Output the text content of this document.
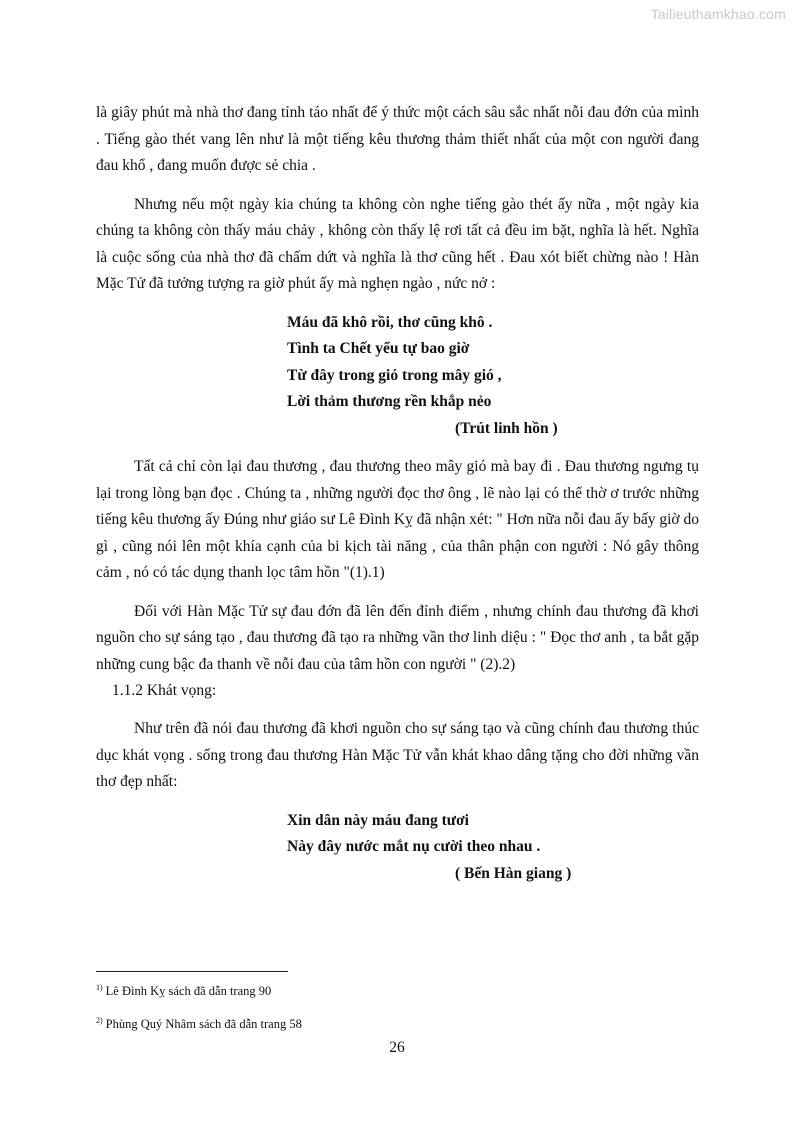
Tailieuthamkhao.com

là giây phút mà nhà thơ đang tỉnh táo nhất để ý thức một cách sâu sắc nhất nỗi đau đớn của mình . Tiếng gào thét vang lên như là một tiếng kêu thương thảm thiết nhất của một con người đang đau khổ , đang muốn được sẻ chia .

Nhưng nếu một ngày kia chúng ta không còn nghe tiếng gào thét ấy nữa , một ngày kia chúng ta không còn thấy máu chảy , không còn thấy lệ rơi tất cả đều im bặt, nghĩa là hết. Nghĩa là cuộc sống của nhà thơ đã chấm dứt và nghĩa là thơ cũng hết . Đau xót biết chừng nào ! Hàn Mặc Tử đã tưởng tượng ra giờ phút ấy mà nghẹn ngào , nức nở :

Máu đã khô rồi, thơ cũng khô .
Tình ta Chết yểu tự bao giờ
Từ đây trong gió trong mây gió ,
Lời thảm thương rền khắp nẻo
(Trút linh hồn )

Tất cả chỉ còn lại đau thương , đau thương theo mây gió mà bay đi . Đau thương ngưng tụ lại trong lòng bạn đọc . Chúng ta , những người đọc thơ ông , lẽ nào lại có thể thờ ơ trước những tiếng kêu thương ấy Đúng như giáo sư Lê Đình Kỵ đã nhận xét: " Hơn nữa nỗi đau ấy bấy giờ do gì , cũng nói lên một khía cạnh của bi kịch tài năng , của thân phận con người : Nó gây thông cảm , nó có tác dụng thanh lọc tâm hồn "(1).1)

Đối với Hàn Mặc Tử sự đau đớn đã lên đến đỉnh điểm , nhưng chính đau thương đã khơi nguồn cho sự sáng tạo , đau thương đã tạo ra những vần thơ linh diệu : " Đọc thơ anh , ta bắt gặp những cung bậc đa thanh về nỗi đau của tâm hồn con người " (2).2)

1.1.2 Khát vọng:

Như trên đã nói đau thương đã khơi nguồn cho sự sáng tạo và cũng chính đau thương thúc dục khát vọng . sống trong đau thương Hàn Mặc Tử vẫn khát khao dâng tặng cho đời những vần thơ đẹp nhất:

Xin dân này máu đang tươi
Này đây nước mắt nụ cười theo nhau .
( Bến Hàn giang )
$^{1)}$ Lê Đình Kỵ sách đã dẫn trang 90
$^{2)}$ Phùng Quý Nhâm sách đã dẫn trang 58
26
